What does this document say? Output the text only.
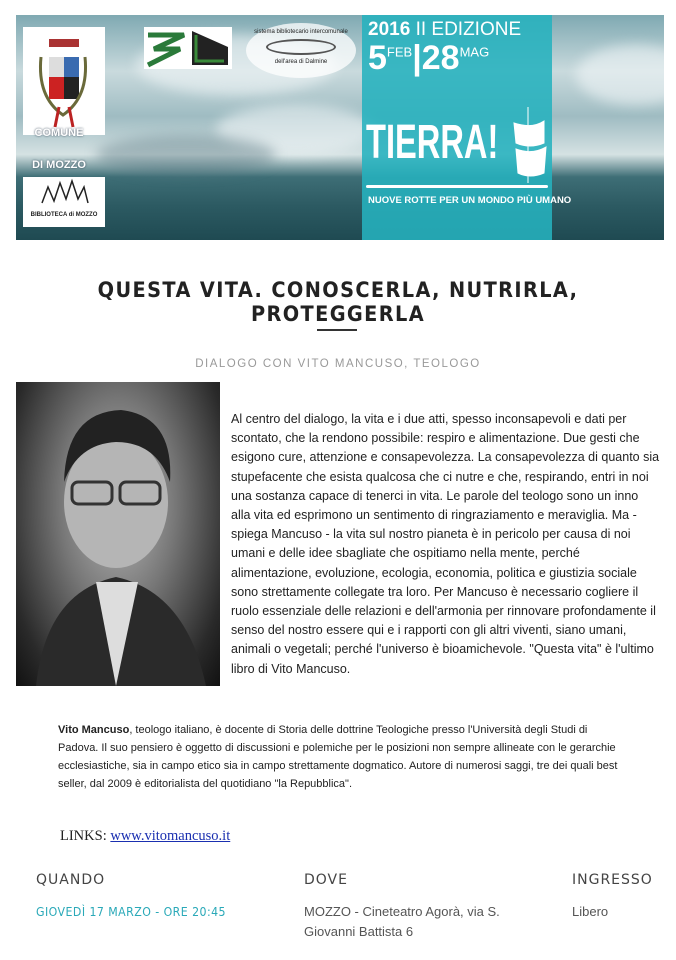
COMUNE
DI MOZZO
BIBLIOTECA di MOZZO
sistema bibliotecario intercomunale
dell'area di Dalmine
2016 II EDIZIONE
$5^{FEB}|28^{MAG}$
TIERRA!
NUOVE ROTTE PER UN MONDO PIÙ UMANO
QUESTA VITA. CONOSCERLA, NUTRIRLA, PROTEGGERLA
DIALOGO CON VITO MANCUSO, TEOLOGO

Al centro del dialogo, la vita e i due atti, spesso inconsapevoli e dati per scontato, che la rendono possibile: respiro e alimentazione. Due gesti che esigono cure, attenzione e consapevolezza. La consapevolezza di quanto sia stupefacente che esista qualcosa che ci nutre e che, respirando, entri in noi una sostanza capace di tenerci in vita. Le parole del teologo sono un inno alla vita ed esprimono un sentimento di ringraziamento e meraviglia. Ma - spiega Mancuso - la vita sul nostro pianeta è in pericolo per causa di noi umani e delle idee sbagliate che ospitiamo nella mente, perché alimentazione, evoluzione, ecologia, economia, politica e giustizia sociale sono strettamente collegate tra loro. Per Mancuso è necessario cogliere il ruolo essenziale delle relazioni e dell'armonia per rinnovare profondamente il senso del nostro essere qui e i rapporti con gli altri viventi, siano umani, animali o vegetali; perché l'universo è bioamichevole. "Questa vita" è l'ultimo libro di Vito Mancuso.

Vito Mancuso, teologo italiano, è docente di Storia delle dottrine Teologiche presso l'Università degli Studi di Padova. Il suo pensiero è oggetto di discussioni e polemiche per le posizioni non sempre allineate con le gerarchie ecclesiastiche, sia in campo etico sia in campo strettamente dogmatico. Autore di numerosi saggi, tre dei quali best seller, dal 2009 è editorialista del quotidiano "la Repubblica".

LINKS: www.vitomancuso.it
QUANDO
GIOVEDÌ 17 MARZO - ORE 20:45
DOVE
MOZZO - Cineteatro Agorà, via S.
Giovanni Battista 6
INGRESSO
Libero
